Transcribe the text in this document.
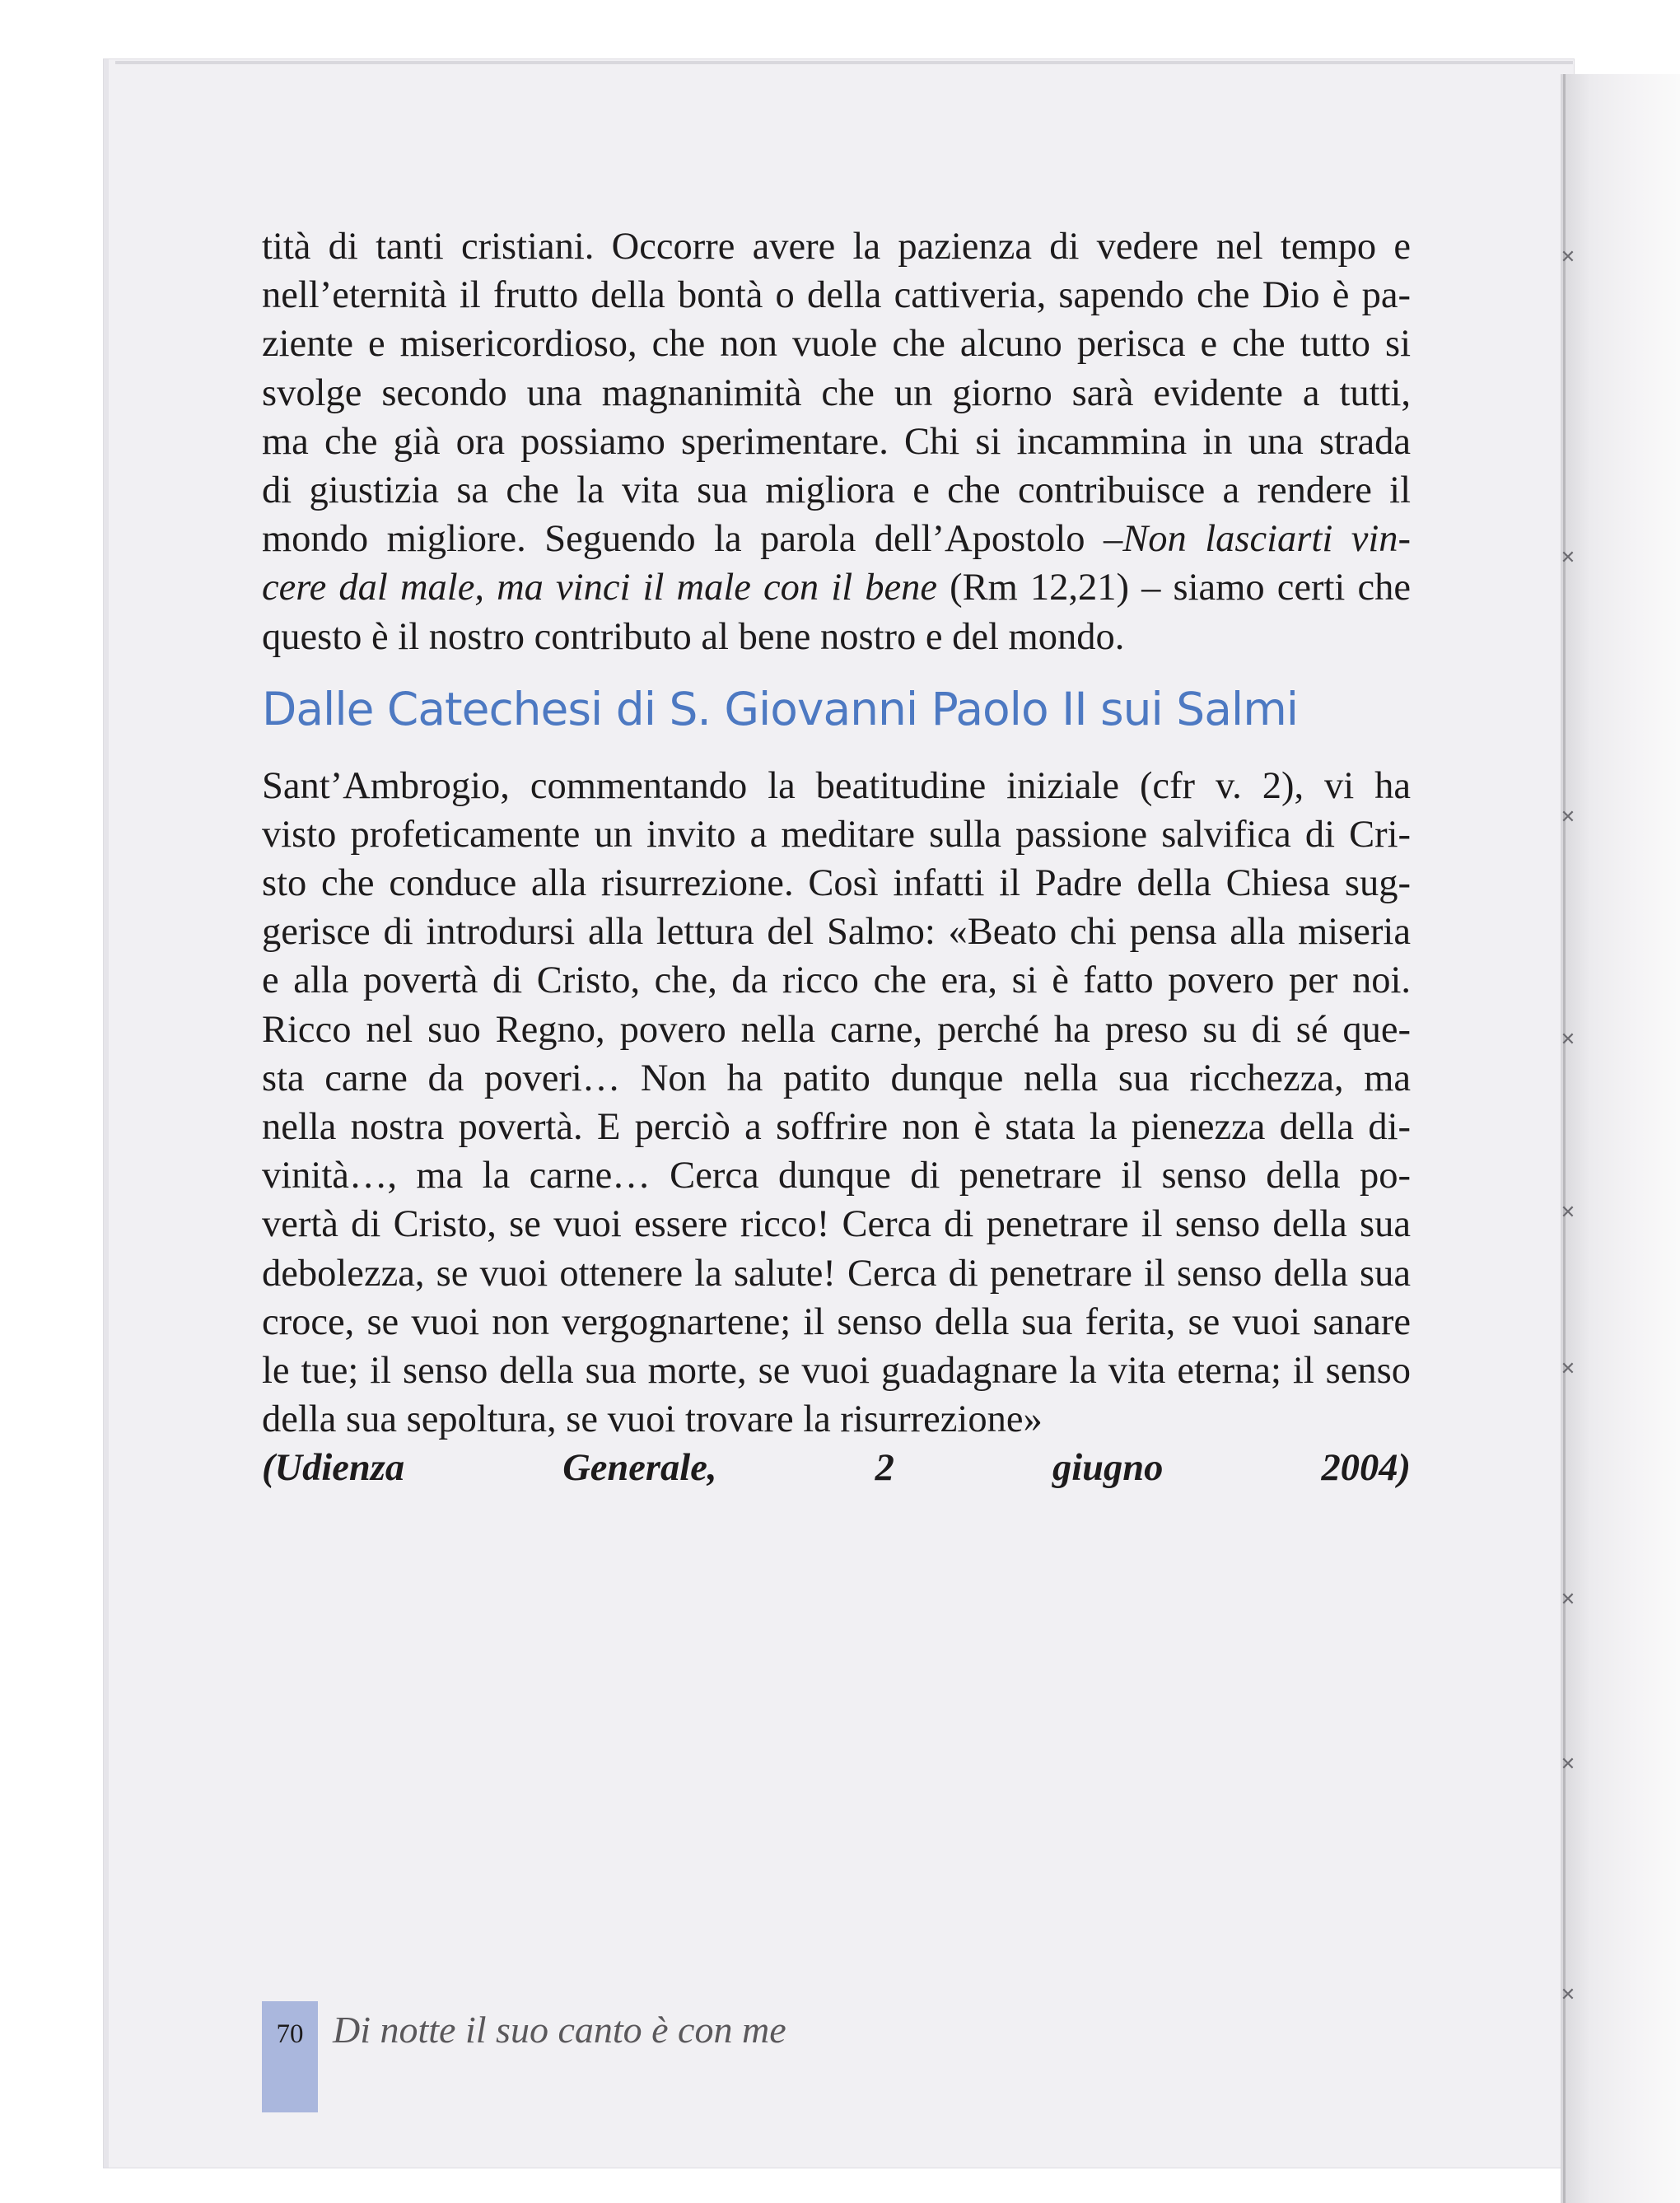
✕
✕
✕
✕
✕
✕
✕
✕
✕
tità di tanti cristiani. Occorre avere la pazienza di vedere nel tempo e
nell’eternità il frutto della bontà o della cattiveria, sapendo che Dio è pa-
ziente e misericordioso, che non vuole che alcuno perisca e che tutto si
svolge secondo una magnanimità che un giorno sarà evidente a tutti,
ma che già ora possiamo sperimentare. Chi si incammina in una strada
di giustizia sa che la vita sua migliora e che contribuisce a rendere il
mondo migliore. Seguendo la parola dell’Apostolo –Non lasciarti vin-
cere dal male, ma vinci il male con il bene (Rm 12,21) – siamo certi che
questo è il nostro contributo al bene nostro e del mondo.
Dalle Catechesi di S. Giovanni Paolo II sui Salmi
Sant’Ambrogio, commentando la beatitudine iniziale (cfr v. 2), vi ha
visto profeticamente un invito a meditare sulla passione salvifica di Cri-
sto che conduce alla risurrezione. Così infatti il Padre della Chiesa sug-
gerisce di introdursi alla lettura del Salmo: «Beato chi pensa alla miseria
e alla povertà di Cristo, che, da ricco che era, si è fatto povero per noi.
Ricco nel suo Regno, povero nella carne, perché ha preso su di sé que-
sta carne da poveri… Non ha patito dunque nella sua ricchezza, ma
nella nostra povertà. E perciò a soffrire non è stata la pienezza della di-
vinità…, ma la carne… Cerca dunque di penetrare il senso della po-
vertà di Cristo, se vuoi essere ricco! Cerca di penetrare il senso della sua
debolezza, se vuoi ottenere la salute! Cerca di penetrare il senso della sua
croce, se vuoi non vergognartene; il senso della sua ferita, se vuoi sanare
le tue; il senso della sua morte, se vuoi guadagnare la vita eterna; il senso
della sua sepoltura, se vuoi trovare la risurrezione»
(Udienza Generale, 2 giugno 2004)
70 Di notte il suo canto è con me
